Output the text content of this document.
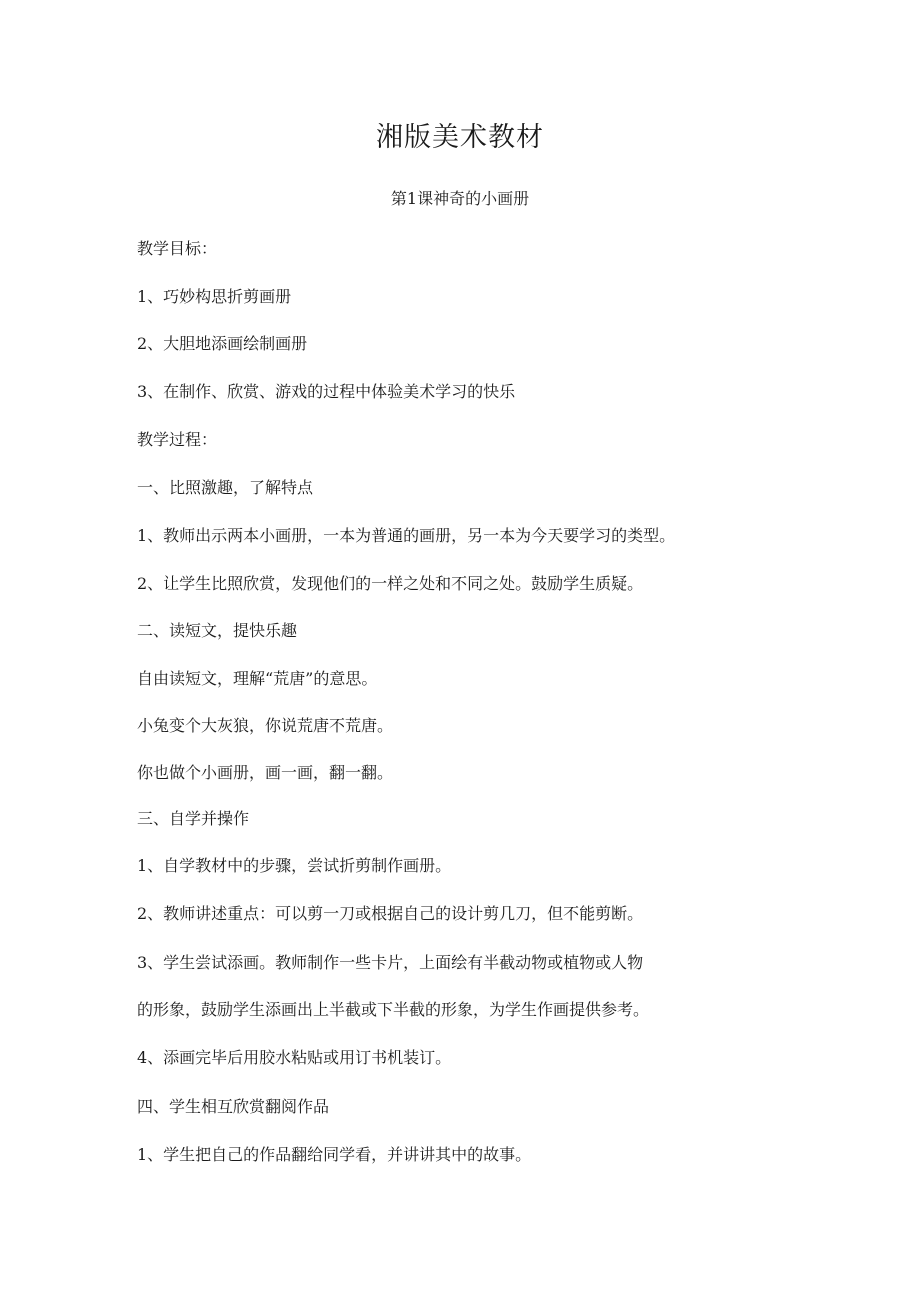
湘版美术教材
第1课神奇的小画册
教学目标：
1、巧妙构思折剪画册
2、大胆地添画绘制画册
3、在制作、欣赏、游戏的过程中体验美术学习的快乐
教学过程：
一、比照激趣，了解特点
1、教师出示两本小画册，一本为普通的画册，另一本为今天要学习的类型。
2、让学生比照欣赏，发现他们的一样之处和不同之处。鼓励学生质疑。
二、读短文，提快乐趣
自由读短文，理解“荒唐”的意思。
小兔变个大灰狼，你说荒唐不荒唐。
你也做个小画册，画一画，翻一翻。
三、自学并操作
1、自学教材中的步骤，尝试折剪制作画册。
2、教师讲述重点：可以剪一刀或根据自己的设计剪几刀，但不能剪断。
3、学生尝试添画。教师制作一些卡片，上面绘有半截动物或植物或人物
的形象，鼓励学生添画出上半截或下半截的形象，为学生作画提供参考。
4、添画完毕后用胶水粘贴或用订书机装订。
四、学生相互欣赏翻阅作品
1、学生把自己的作品翻给同学看，并讲讲其中的故事。
